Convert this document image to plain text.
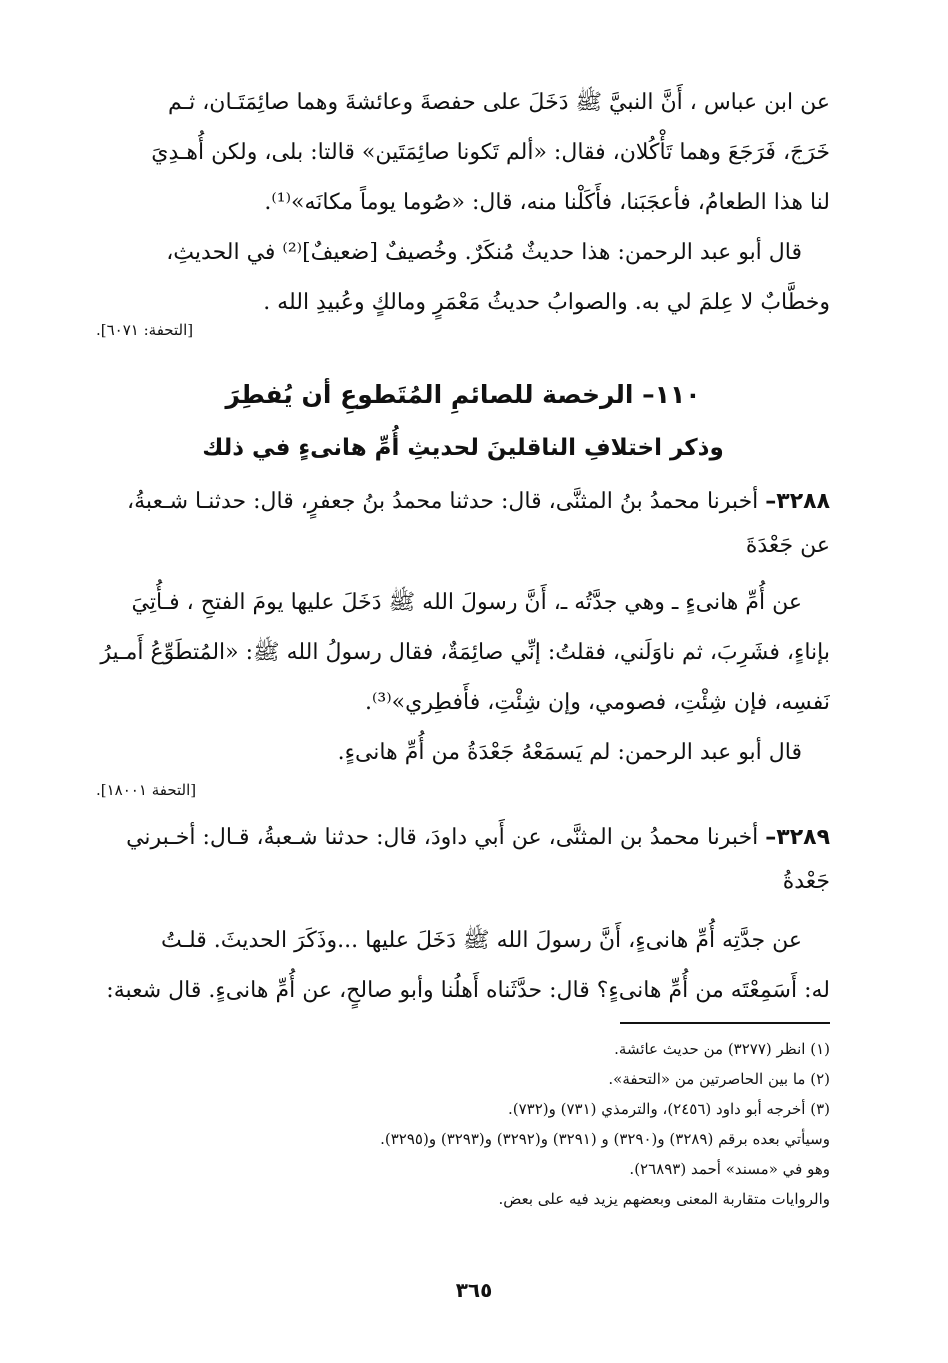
عن ابن عباس ، أَنَّ النبيَّ ﷺ دَخَلَ على حفصةَ وعائشةَ وهما صائِمَتَـان، ثـم
خَرَجَ، فَرَجَعَ وهما تَأْكُلان، فقال: «ألم تَكونا صائِمَتَين» قالتا: بلى، ولكن أُهـدِيَ
لنا هذا الطعامُ، فأعجَبَنا، فأَكَلْنا منه، قال: «صُوما يوماً مكانَه»⁽¹⁾.

قال أبو عبد الرحمن: هذا حديثٌ مُنكَرٌ. وخُصيفٌ [ضعيفٌ]⁽²⁾ في الحديثِ،
وخطَّابٌ لا عِلمَ لي به. والصوابُ حديثُ مَعْمَرٍ ومالكٍ وعُبيدِ الله .

[التحفة: ٦٠٧١].

١١٠– الرخصة للصائمِ المُتَطوعِ أن يُفطِرَ
وذكر اختلافِ الناقلينَ لحديثِ أُمِّ هانىءٍ في ذلك

٣٢٨٨– أخبرنا محمدُ بنُ المثنَّى، قال: حدثنا محمدُ بنُ جعفرٍ، قال: حدثنـا شـعبةُ،
عن جَعْدَةَ

عن أُمِّ هانىءٍ ـ وهي جدَّتُه ـ، أَنَّ رسولَ الله ﷺ دَخَلَ عليها يومَ الفتحِ ، فـأُتِيَ
بإناءٍ، فشَرِبَ، ثم ناوَلَني، فقلتُ: إنِّي صائِمَةٌ، فقال رسولُ الله ﷺ: «المُتطَوِّعُ أَمـيرُ
نَفسِه، فإن شِئْتِ، فصومي، وإن شِئْتِ، فأَفطِري»⁽³⁾.
قال أبو عبد الرحمن: لم يَسمَعْهُ جَعْدَةُ من أُمِّ هانىءٍ.

[التحفة ١٨٠٠١].

٣٢٨٩– أخبرنا محمدُ بن المثنَّى، عن أَبي داودَ، قال: حدثنا شـعبةُ، قـال: أخـبرني
جَعْدةُ

عن جدَّتِه أُمِّ هانىءٍ، أَنَّ رسولَ الله ﷺ دَخَلَ عليها ...وذَكَرَ الحديثَ. قلـتُ
له: أَسَمِعْتَه من أُمِّ هانىءٍ؟ قال: حدَّثَناه أَهلُنا وأبو صالحٍ، عن أُمِّ هانىءٍ. قال شعبة:

(١) انظر (٣٢٧٧) من حديث عائشة.
(٢) ما بين الحاصرتين من «التحفة».
(٣) أخرجه أبو داود (٢٤٥٦)، والترمذي (٧٣١) و(٧٣٢).
وسيأتي بعده برقم (٣٢٨٩) و(٣٢٩٠) و (٣٢٩١) و(٣٢٩٢) و(٣٢٩٣) و(٣٢٩٥).
وهو في «مسند» أحمد (٢٦٨٩٣).
والروايات متقاربة المعنى وبعضهم يزيد فيه على بعض.
٣٦٥
